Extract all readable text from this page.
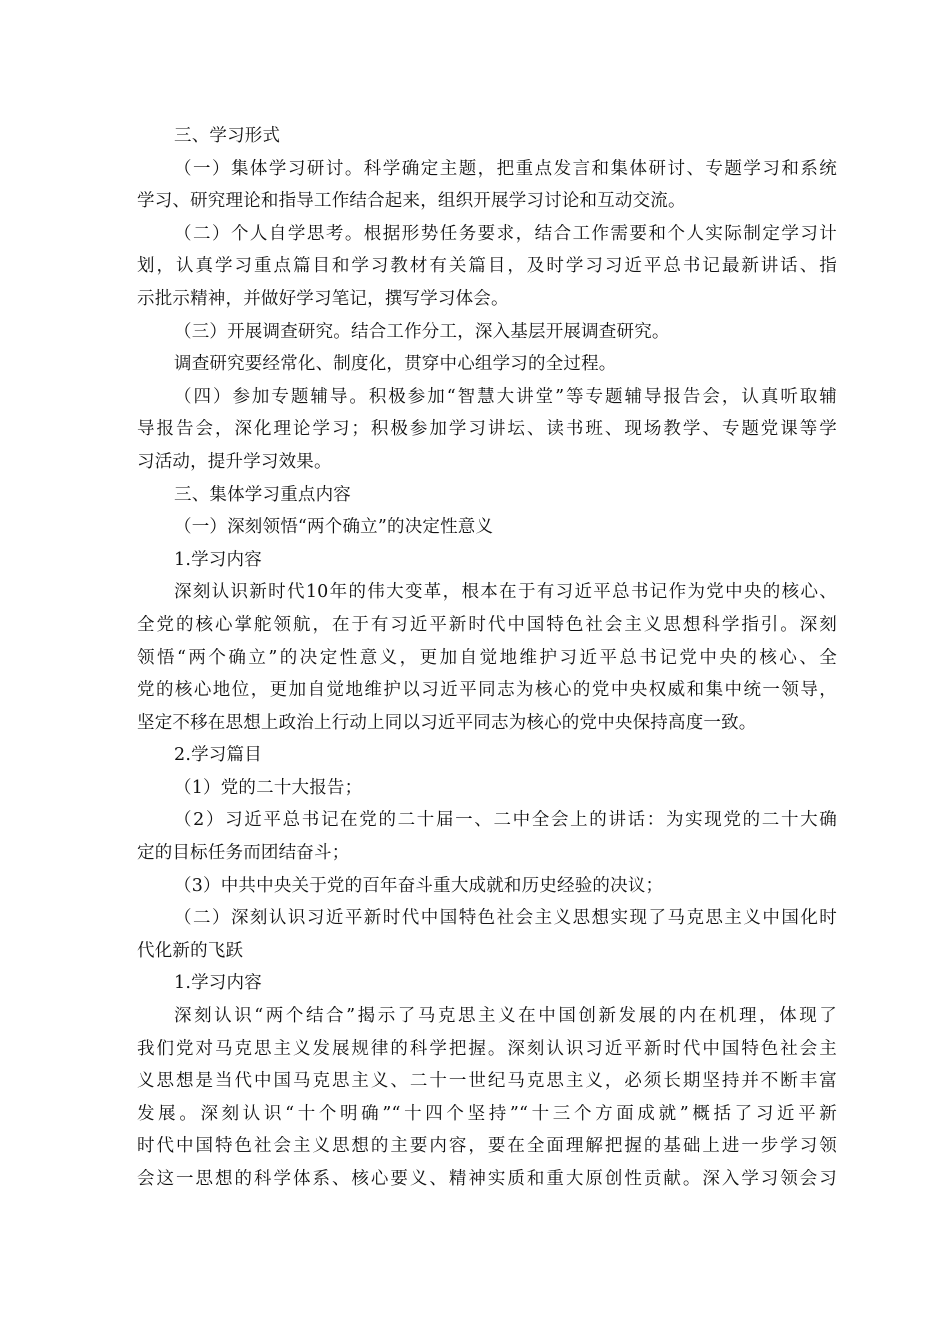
三、学习形式
（一）集体学习研讨。科学确定主题，把重点发言和集体研讨、专题学习和系统
学习、研究理论和指导工作结合起来，组织开展学习讨论和互动交流。
（二）个人自学思考。根据形势任务要求，结合工作需要和个人实际制定学习计
划，认真学习重点篇目和学习教材有关篇目，及时学习习近平总书记最新讲话、指
示批示精神，并做好学习笔记，撰写学习体会。
（三）开展调查研究。结合工作分工，深入基层开展调查研究。
调查研究要经常化、制度化，贯穿中心组学习的全过程。
（四）参加专题辅导。积极参加“智慧大讲堂”等专题辅导报告会，认真听取辅
导报告会，深化理论学习；积极参加学习讲坛、读书班、现场教学、专题党课等学
习活动，提升学习效果。
三、集体学习重点内容
（一）深刻领悟“两个确立”的决定性意义
1.学习内容
深刻认识新时代10年的伟大变革，根本在于有习近平总书记作为党中央的核心、
全党的核心掌舵领航，在于有习近平新时代中国特色社会主义思想科学指引。深刻
领悟“两个确立”的决定性意义，更加自觉地维护习近平总书记党中央的核心、全
党的核心地位，更加自觉地维护以习近平同志为核心的党中央权威和集中统一领导，
坚定不移在思想上政治上行动上同以习近平同志为核心的党中央保持高度一致。
2.学习篇目
（1）党的二十大报告；
（2）习近平总书记在党的二十届一、二中全会上的讲话：为实现党的二十大确
定的目标任务而团结奋斗；
（3）中共中央关于党的百年奋斗重大成就和历史经验的决议；
（二）深刻认识习近平新时代中国特色社会主义思想实现了马克思主义中国化时
代化新的飞跃
1.学习内容
深刻认识“两个结合”揭示了马克思主义在中国创新发展的内在机理，体现了
我们党对马克思主义发展规律的科学把握。深刻认识习近平新时代中国特色社会主
义思想是当代中国马克思主义、二十一世纪马克思主义，必须长期坚持并不断丰富
发展。深刻认识“十个明确”“十四个坚持”“十三个方面成就”概括了习近平新
时代中国特色社会主义思想的主要内容，要在全面理解把握的基础上进一步学习领
会这一思想的科学体系、核心要义、精神实质和重大原创性贡献。深入学习领会习
